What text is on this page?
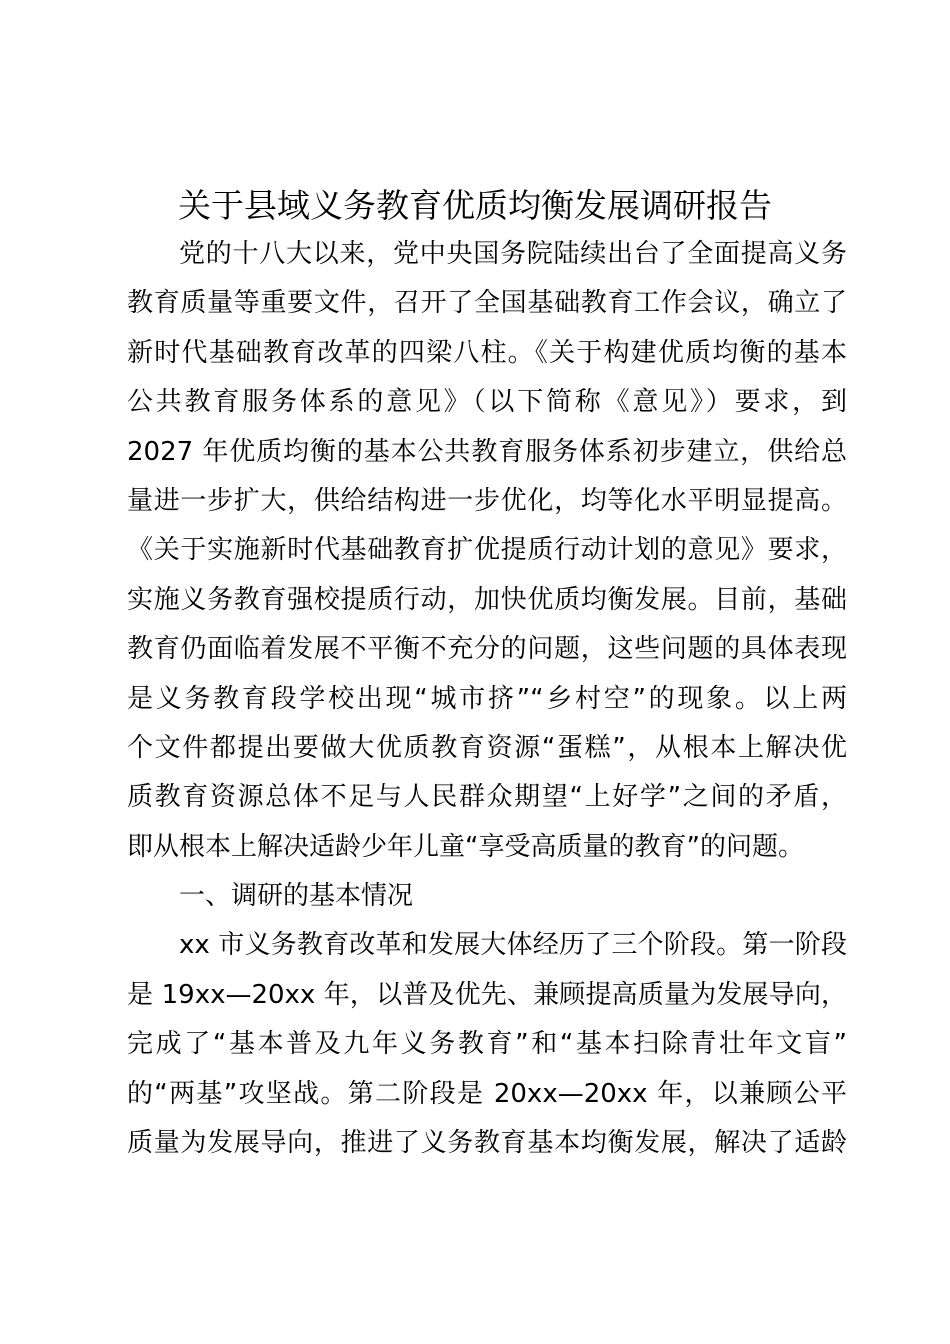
关于县域义务教育优质均衡发展调研报告
党的十八大以来，党中央国务院陆续出台了全面提高义务
教育质量等重要文件，召开了全国基础教育工作会议，确立了
新时代基础教育改革的四梁八柱。《关于构建优质均衡的基本
公共教育服务体系的意见》（以下简称《意见》）要求，到
2027 年优质均衡的基本公共教育服务体系初步建立，供给总
量进一步扩大，供给结构进一步优化，均等化水平明显提高。
《关于实施新时代基础教育扩优提质行动计划的意见》要求，
实施义务教育强校提质行动，加快优质均衡发展。目前，基础
教育仍面临着发展不平衡不充分的问题，这些问题的具体表现
是义务教育段学校出现“城市挤”“乡村空”的现象。以上两
个文件都提出要做大优质教育资源“蛋糕”，从根本上解决优
质教育资源总体不足与人民群众期望“上好学”之间的矛盾，
即从根本上解决适龄少年儿童“享受高质量的教育”的问题。
一、调研的基本情况
xx 市义务教育改革和发展大体经历了三个阶段。第一阶段
是 19xx—20xx 年，以普及优先、兼顾提高质量为发展导向，
完成了“基本普及九年义务教育”和“基本扫除青壮年文盲”
的“两基”攻坚战。第二阶段是 20xx—20xx 年，以兼顾公平
质量为发展导向，推进了义务教育基本均衡发展，解决了适龄
